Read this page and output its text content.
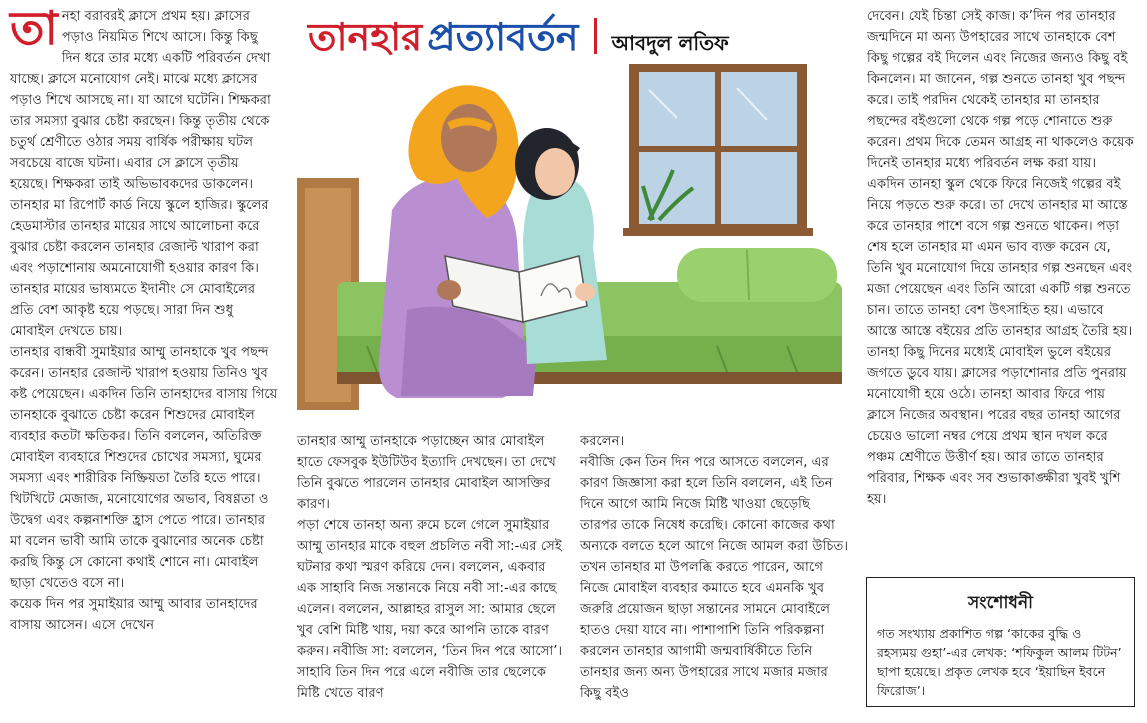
তানহার প্রত্যাবর্তন আবদুল লতিফ
তা নহা বরাবরই ক্লাসে প্রথম হয়। ক্লাসের পড়াও নিয়মিত শিখে আসে। কিন্তু কিছু দিন ধরে তার মধ্যে একটি পরিবর্তন দেখা যাচ্ছে। ক্লাসে মনোযোগ নেই। মাঝে মধ্যে ক্লাসের পড়াও শিখে আসছে না। যা আগে ঘটেনি। শিক্ষকরা তার সমস্যা বুঝার চেষ্টা করছেন। কিন্তু তৃতীয় থেকে চতুর্থ শ্রেণীতে ওঠার সময় বার্ষিক পরীক্ষায় ঘটল সবচেয়ে বাজে ঘটনা। এবার সে ক্লাসে তৃতীয় হয়েছে। শিক্ষকরা তাই অভিভাবকদের ডাকলেন। তানহার মা রিপোর্ট কার্ড নিয়ে স্কুলে হাজির। স্কুলের হেডমাস্টার তানহার মায়ের সাথে আলোচনা করে বুঝার চেষ্টা করলেন তানহার রেজাল্ট খারাপ করা এবং পড়াশোনায় অমনোযোগী হওয়ার কারণ কি। তানহার মায়ের ভাষ্যমতে ইদানীং সে মোবাইলের প্রতি বেশ আকৃষ্ট হয়ে পড়ছে। সারা দিন শুধু মোবাইল দেখতে চায়।

তানহার বান্ধবী সুমাইয়ার আম্মু তানহাকে খুব পছন্দ করেন। তানহার রেজাল্ট খারাপ হওয়ায় তিনিও খুব কষ্ট পেয়েছেন। একদিন তিনি তানহাদের বাসায় গিয়ে তানহাকে বুঝাতে চেষ্টা করেন শিশুদের মোবাইল ব্যবহার কতটা ক্ষতিকর। তিনি বললেন, অতিরিক্ত মোবাইল ব্যবহারে শিশুদের চোখের সমস্যা, ঘুমের সমস্যা এবং শারীরিক নিষ্ক্রিয়তা তৈরি হতে পারে। খিটখিটে মেজাজ, মনোযোগের অভাব, বিষণ্ণতা ও উদ্বেগ এবং কল্পনাশক্তি হ্রাস পেতে পারে। তানহার মা বলেন ভাবী আমি তাকে বুঝানোর অনেক চেষ্টা করছি কিন্তু সে কোনো কথাই শোনে না। মোবাইল ছাড়া খেতেও বসে না।

কয়েক দিন পর সুমাইয়ার আম্মু আবার তানহাদের বাসায় আসেন। এসে দেখেন

তানহার আম্মু তানহাকে পড়াচ্ছেন আর মোবাইল হাতে ফেসবুক ইউটিউব ইত্যাদি দেখছেন। তা দেখে তিনি বুঝতে পারলেন তানহার মোবাইল আসক্তির কারণ।

পড়া শেষে তানহা অন্য রুমে চলে গেলে সুমাইয়ার আম্মু তানহার মাকে বহুল প্রচলিত নবী সা:-এর সেই ঘটনার কথা স্মরণ করিয়ে দেন। বললেন, একবার এক সাহাবি নিজ সন্তানকে নিয়ে নবী সা:-এর কাছে এলেন। বললেন, আল্লাহর রাসুল সা: আমার ছেলে খুব বেশি মিষ্টি খায়, দয়া করে আপনি তাকে বারণ করুন। নবীজি সা: বললেন, ‘তিন দিন পরে আসো’। সাহাবি তিন দিন পরে এলে নবীজি তার ছেলেকে মিষ্টি খেতে বারণ

করলেন।

নবীজি কেন তিন দিন পরে আসতে বললেন, এর কারণ জিজ্ঞাসা করা হলে তিনি বললেন, এই তিন দিনে আগে আমি নিজে মিষ্টি খাওয়া ছেড়েছি তারপর তাকে নিষেধ করেছি। কোনো কাজের কথা অন্যকে বলতে হলে আগে নিজে আমল করা উচিত।

তখন তানহার মা উপলব্ধি করতে পারেন, আগে নিজে মোবাইল ব্যবহার কমাতে হবে এমনকি খুব জরুরি প্রয়োজন ছাড়া সন্তানের সামনে মোবাইলে হাতও দেয়া যাবে না। পাশাপাশি তিনি পরিকল্পনা করলেন তানহার আগামী জন্মবার্ষিকীতে তিনি তানহার জন্য অন্য উপহারের সাথে মজার মজার কিছু বইও

দেবেন। যেই চিন্তা সেই কাজ। ক’দিন পর তানহার জন্মদিনে মা অন্য উপহারের সাথে তানহাকে বেশ কিছু গল্পের বই দিলেন এবং নিজের জন্যও কিছু বই কিনলেন। মা জানেন, গল্প শুনতে তানহা খুব পছন্দ করে। তাই পরদিন থেকেই তানহার মা তানহার পছন্দের বইগুলো থেকে গল্প পড়ে শোনাতে শুরু করেন। প্রথম দিকে তেমন আগ্রহ না থাকলেও কয়েক দিনেই তানহার মধ্যে পরিবর্তন লক্ষ করা যায়। একদিন তানহা স্কুল থেকে ফিরে নিজেই গল্পের বই নিয়ে পড়তে শুরু করে। তা দেখে তানহার মা আস্তে করে তানহার পাশে বসে গল্প শুনতে থাকেন। পড়া শেষ হলে তানহার মা এমন ভাব ব্যক্ত করেন যে, তিনি খুব মনোযোগ দিয়ে তানহার গল্প শুনছেন এবং মজা পেয়েছেন এবং তিনি আরো একটি গল্প শুনতে চান। তাতে তানহা বেশ উৎসাহিত হয়। এভাবে আস্তে আস্তে বইয়ের প্রতি তানহার আগ্রহ তৈরি হয়। তানহা কিছু দিনের মধ্যেই মোবাইল ভুলে বইয়ের জগতে ডুবে যায়। ক্লাসের পড়াশোনার প্রতি পুনরায় মনোযোগী হয়ে ওঠে। তানহা আবার ফিরে পায় ক্লাসে নিজের অবস্থান। পরের বছর তানহা আগের চেয়েও ভালো নম্বর পেয়ে প্রথম স্থান দখল করে পঞ্চম শ্রেণীতে উত্তীর্ণ হয়। আর তাতে তানহার পরিবার, শিক্ষক এবং সব শুভাকাঙ্ক্ষীরা খুবই খুশি হয়।

সংশোধনী

গত সংখ্যায় প্রকাশিত গল্প ‘কাকের বুদ্ধি ও রহস্যময় গুহা’-এর লেখক: ‘শফিকুল আলম টিটন’ ছাপা হয়েছে। প্রকৃত লেখক হবে ‘ইয়াছিন ইবনে ফিরোজ’।
